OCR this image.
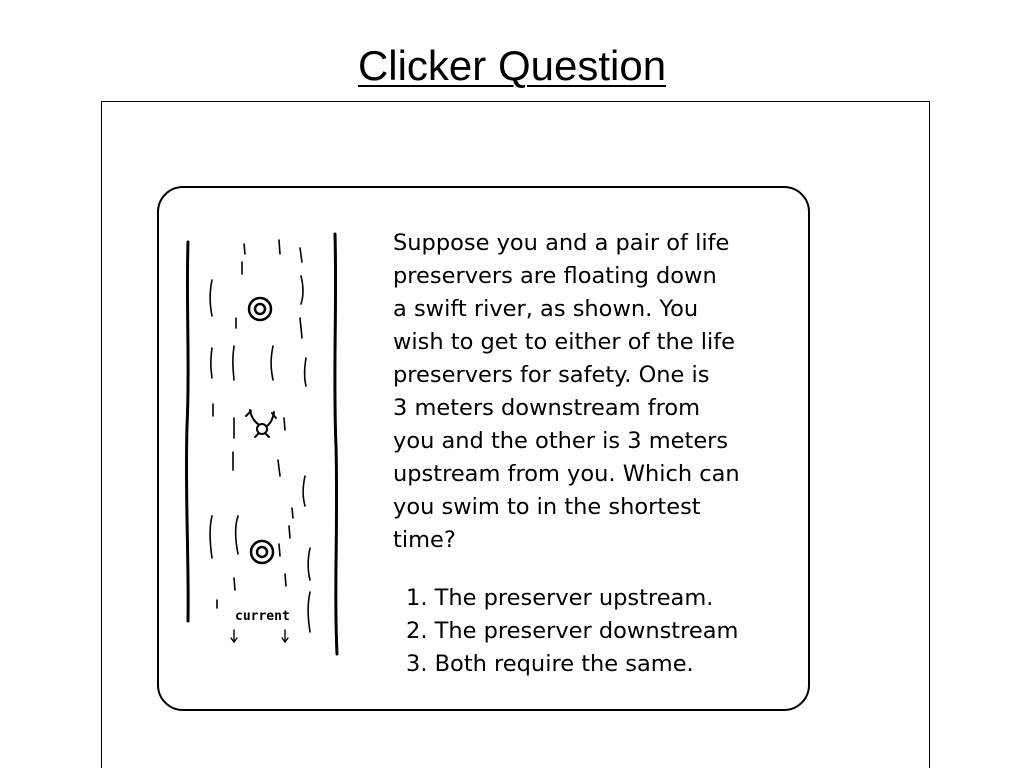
Clicker Question
current

Suppose you and a pair of life
preservers are floating down
a swift river, as shown. You
wish to get to either of the life
preservers for safety. One is
3 meters downstream from
you and the other is 3 meters
upstream from you. Which can
you swim to in the shortest
time?

1. The preserver upstream.
2. The preserver downstream
3. Both require the same.
